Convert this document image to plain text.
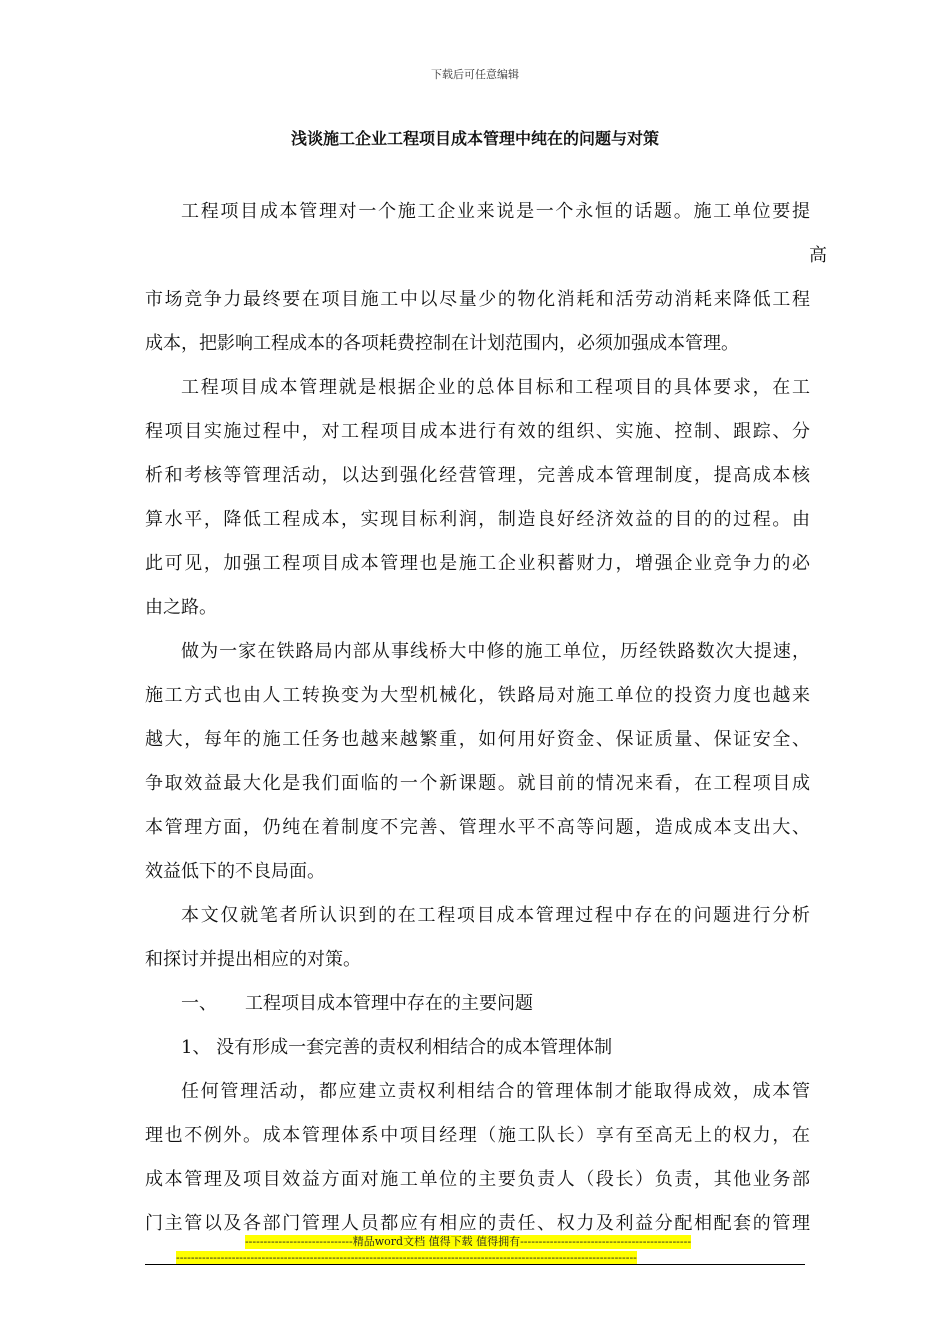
下载后可任意编辑
浅谈施工企业工程项目成本管理中纯在的问题与对策
工程项目成本管理对一个施工企业来说是一个永恒的话题。施工单位要提
高
市场竞争力最终要在项目施工中以尽量少的物化消耗和活劳动消耗来降低工程
成本，把影响工程成本的各项耗费控制在计划范围内，必须加强成本管理。
工程项目成本管理就是根据企业的总体目标和工程项目的具体要求，在工
程项目实施过程中，对工程项目成本进行有效的组织、实施、控制、跟踪、分
析和考核等管理活动，以达到强化经营管理，完善成本管理制度，提高成本核
算水平，降低工程成本，实现目标利润，制造良好经济效益的目的的过程。由
此可见，加强工程项目成本管理也是施工企业积蓄财力，增强企业竞争力的必
由之路。
做为一家在铁路局内部从事线桥大中修的施工单位，历经铁路数次大提速，
施工方式也由人工转换变为大型机械化，铁路局对施工单位的投资力度也越来
越大，每年的施工任务也越来越繁重，如何用好资金、保证质量、保证安全、
争取效益最大化是我们面临的一个新课题。就目前的情况来看，在工程项目成
本管理方面，仍纯在着制度不完善、管理水平不高等问题，造成成本支出大、
效益低下的不良局面。
本文仅就笔者所认识到的在工程项目成本管理过程中存在的问题进行分析
和探讨并提出相应的对策。
一、 工程项目成本管理中存在的主要问题
1、 没有形成一套完善的责权利相结合的成本管理体制
任何管理活动，都应建立责权利相结合的管理体制才能取得成效，成本管
理也不例外。成本管理体系中项目经理（施工队长）享有至高无上的权力，在
成本管理及项目效益方面对施工单位的主要负责人（段长）负责，其他业务部
门主管以及各部门管理人员都应有相应的责任、权力及利益分配相配套的管理
-----------------------------精品word文档 值得下载 值得拥有----------------------------------------------
----------------------------------------------------------------------------------------------------------------------------
